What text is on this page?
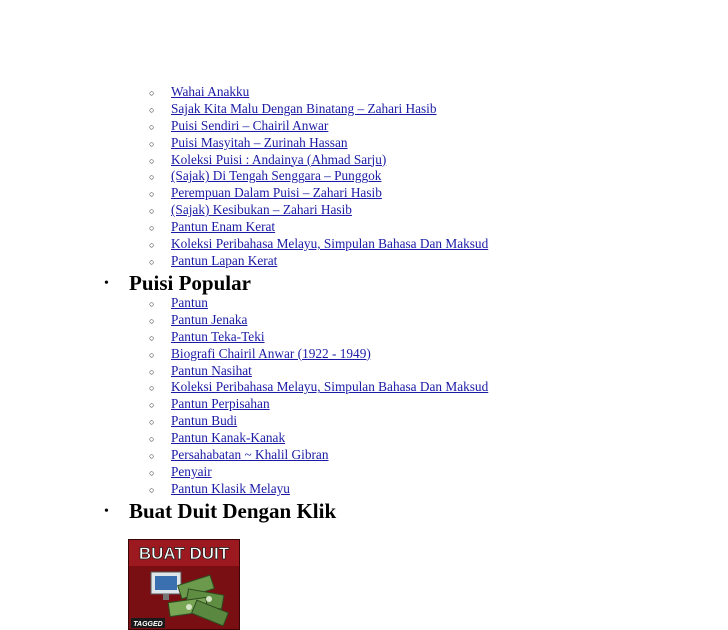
○ Wahai Anakku
○ Sajak Kita Malu Dengan Binatang – Zahari Hasib
○ Puisi Sendiri – Chairil Anwar
○ Puisi Masyitah – Zurinah Hassan
○ Koleksi Puisi : Andainya (Ahmad Sarju)
○ (Sajak) Di Tengah Senggara – Punggok
○ Perempuan Dalam Puisi – Zahari Hasib
○ (Sajak) Kesibukan – Zahari Hasib
○ Pantun Enam Kerat
○ Koleksi Peribahasa Melayu, Simpulan Bahasa Dan Maksud
○ Pantun Lapan Kerat
• Puisi Popular
○ Pantun
○ Pantun Jenaka
○ Pantun Teka-Teki
○ Biografi Chairil Anwar (1922 - 1949)
○ Pantun Nasihat
○ Koleksi Peribahasa Melayu, Simpulan Bahasa Dan Maksud
○ Pantun Perpisahan
○ Pantun Budi
○ Pantun Kanak-Kanak
○ Persahabatan ~ Khalil Gibran
○ Penyair
○ Pantun Klasik Melayu
• Buat Duit Dengan Klik
BUAT DUIT
TAGGED
